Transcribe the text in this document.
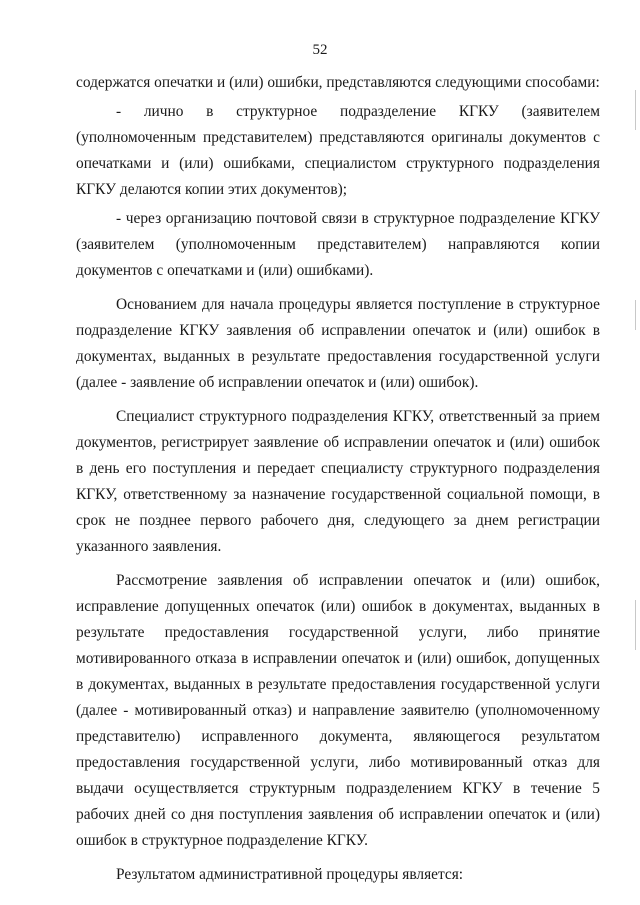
52

содержатся опечатки и (или) ошибки, представляются следующими способами:

- лично в структурное подразделение КГКУ (заявителем (уполномоченным представителем) представляются оригиналы документов с опечатками и (или) ошибками, специалистом структурного подразделения КГКУ делаются копии этих документов);

- через организацию почтовой связи в структурное подразделение КГКУ (заявителем (уполномоченным представителем) направляются копии документов с опечатками и (или) ошибками).

Основанием для начала процедуры является поступление в структурное подразделение КГКУ заявления об исправлении опечаток и (или) ошибок в документах, выданных в результате предоставления государственной услуги (далее - заявление об исправлении опечаток и (или) ошибок).

Специалист структурного подразделения КГКУ, ответственный за прием документов, регистрирует заявление об исправлении опечаток и (или) ошибок в день его поступления и передает специалисту структурного подразделения КГКУ, ответственному за назначение государственной социальной помощи, в срок не позднее первого рабочего дня, следующего за днем регистрации указанного заявления.

Рассмотрение заявления об исправлении опечаток и (или) ошибок, исправление допущенных опечаток (или) ошибок в документах, выданных в результате предоставления государственной услуги, либо принятие мотивированного отказа в исправлении опечаток и (или) ошибок, допущенных в документах, выданных в результате предоставления государственной услуги (далее - мотивированный отказ) и направление заявителю (уполномоченному представителю) исправленного документа, являющегося результатом предоставления государственной услуги, либо мотивированный отказ для выдачи осуществляется структурным подразделением КГКУ в течение 5 рабочих дней со дня поступления заявления об исправлении опечаток и (или) ошибок в структурное подразделение КГКУ.

Результатом административной процедуры является:
